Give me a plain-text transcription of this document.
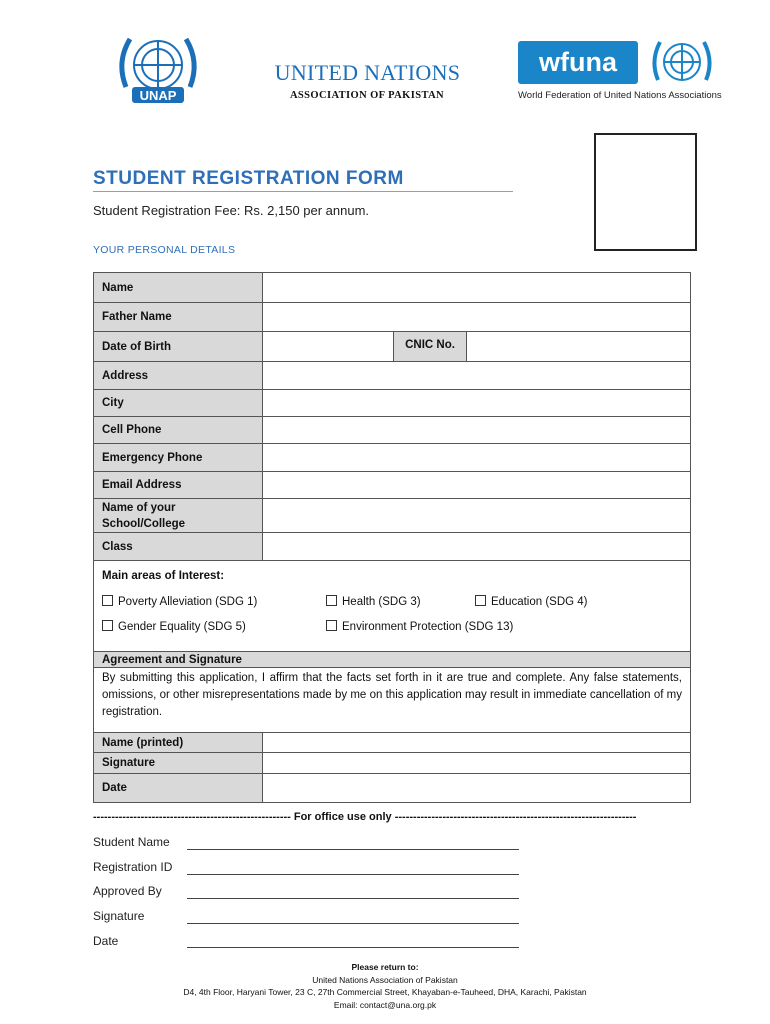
UNAP
UNITED NATIONS
ASSOCIATION OF PAKISTAN
wfuna
World Federation of United Nations Associations
STUDENT REGISTRATION FORM
Student Registration Fee: Rs. 2,150 per annum.
YOUR PERSONAL DETAILS
Name
Father Name
Date of Birth	CNIC No.
Address
City
Cell Phone
Emergency Phone
Email Address
Name of your
School/College
Class
Main areas of Interest:
Poverty Alleviation (SDG 1)	Health (SDG 3)	Education (SDG 4)
Gender Equality (SDG 5)	Environment Protection (SDG 13)
Agreement and Signature
By submitting this application, I affirm that the facts set forth in it are true and complete. Any false statements, omissions, or other misrepresentations made by me on this application may result in immediate cancellation of my registration.
Name (printed)
Signature
Date
------------------------------------------------------ For office use only ------------------------------------------------------------------
Student Name
Registration ID
Approved By
Signature
Date
Please return to:
United Nations Association of Pakistan
D4, 4th Floor, Haryani Tower, 23 C, 27th Commercial Street, Khayaban-e-Tauheed, DHA, Karachi, Pakistan
Email: contact@una.org.pk
